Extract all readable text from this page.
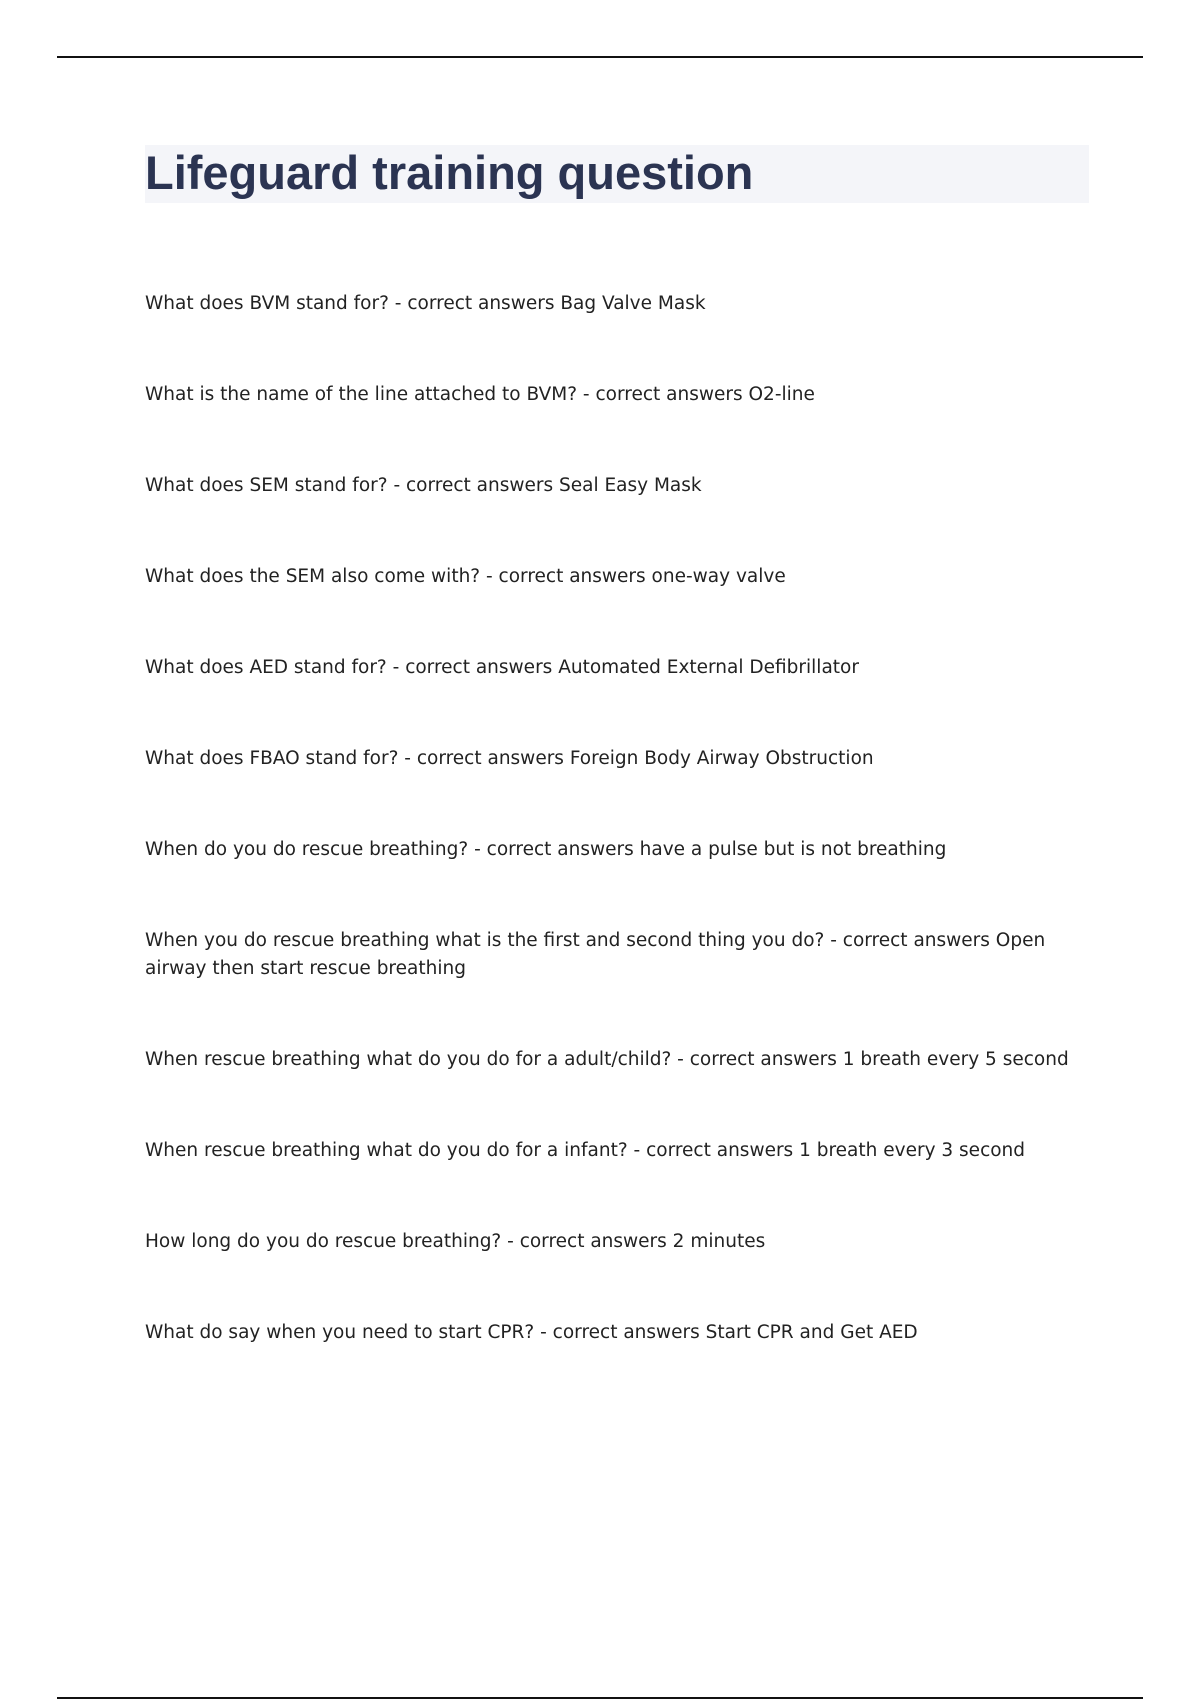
Lifeguard training question
What does BVM stand for? - correct answers Bag Valve Mask
What is the name of the line attached to BVM? - correct answers O2-line
What does SEM stand for? - correct answers Seal Easy Mask
What does the SEM also come with? - correct answers one-way valve
What does AED stand for? - correct answers Automated External Defibrillator
What does FBAO stand for? - correct answers Foreign Body Airway Obstruction
When do you do rescue breathing? - correct answers have a pulse but is not breathing
When you do rescue breathing what is the first and second thing you do? - correct answers Open airway then start rescue breathing
When rescue breathing what do you do for a adult/child? - correct answers 1 breath every 5 second
When rescue breathing what do you do for a infant? - correct answers 1 breath every 3 second
How long do you do rescue breathing? - correct answers 2 minutes
What do say when you need to start CPR? - correct answers Start CPR and Get AED
